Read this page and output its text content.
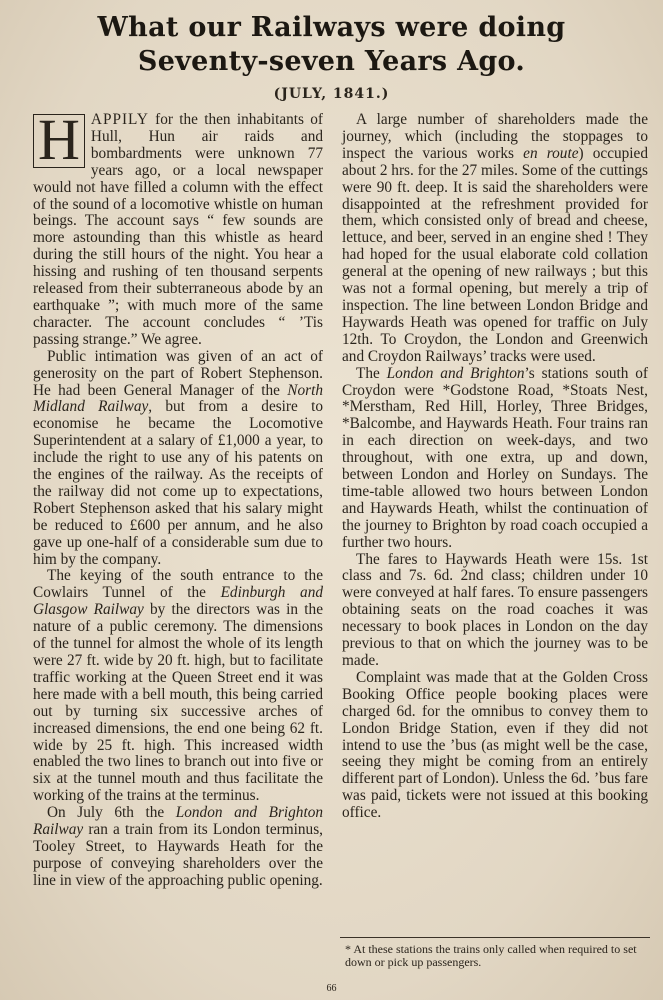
What our Railways were doing
Seventy-seven Years Ago.
(JULY, 1841.)

H APPILY for the then inhabitants of Hull, Hun air raids and bombardments were unknown 77 years ago, or a local newspaper would not have filled a column with the effect of the sound of a locomotive whistle on human beings. The account says “ few sounds are more astounding than this whistle as heard during the still hours of the night. You hear a hissing and rushing of ten thousand serpents released from their subterraneous abode by an earthquake ”; with much more of the same character. The account concludes “ ’Tis passing strange.” We agree.

Public intimation was given of an act of generosity on the part of Robert Stephenson. He had been General Manager of the North Midland Railway, but from a desire to economise he became the Locomotive Superintendent at a salary of £1,000 a year, to include the right to use any of his patents on the engines of the railway. As the receipts of the railway did not come up to expectations, Robert Stephenson asked that his salary might be reduced to £600 per annum, and he also gave up one-half of a considerable sum due to him by the company.

The keying of the south entrance to the Cowlairs Tunnel of the Edinburgh and Glasgow Railway by the directors was in the nature of a public ceremony. The dimensions of the tunnel for almost the whole of its length were 27 ft. wide by 20 ft. high, but to facilitate traffic working at the Queen Street end it was here made with a bell mouth, this being carried out by turning six successive arches of increased dimensions, the end one being 62 ft. wide by 25 ft. high. This increased width enabled the two lines to branch out into five or six at the tunnel mouth and thus facilitate the working of the trains at the terminus.

On July 6th the London and Brighton Railway ran a train from its London terminus, Tooley Street, to Haywards Heath for the purpose of conveying shareholders over the line in view of the approaching public opening.

A large number of shareholders made the journey, which (including the stoppages to inspect the various works en route) occupied about 2 hrs. for the 27 miles. Some of the cuttings were 90 ft. deep. It is said the shareholders were disappointed at the refreshment provided for them, which consisted only of bread and cheese, lettuce, and beer, served in an engine shed ! They had hoped for the usual elaborate cold collation general at the opening of new railways ; but this was not a formal opening, but merely a trip of inspection. The line between London Bridge and Haywards Heath was opened for traffic on July 12th. To Croydon, the London and Greenwich and Croydon Railways’ tracks were used.

The London and Brighton’s stations south of Croydon were *Godstone Road, *Stoats Nest, *Merstham, Red Hill, Horley, Three Bridges, *Balcombe, and Haywards Heath. Four trains ran in each direction on week-days, and two throughout, with one extra, up and down, between London and Horley on Sundays. The time-table allowed two hours between London and Haywards Heath, whilst the continuation of the journey to Brighton by road coach occupied a further two hours.

The fares to Haywards Heath were 15s. 1st class and 7s. 6d. 2nd class; children under 10 were conveyed at half fares. To ensure passengers obtaining seats on the road coaches it was necessary to book places in London on the day previous to that on which the journey was to be made.

Complaint was made that at the Golden Cross Booking Office people booking places were charged 6d. for the omnibus to convey them to London Bridge Station, even if they did not intend to use the ’bus (as might well be the case, seeing they might be coming from an entirely different part of London). Unless the 6d. ’bus fare was paid, tickets were not issued at this booking office.

* At these stations the trains only called when required to set down or pick up passengers.
66
